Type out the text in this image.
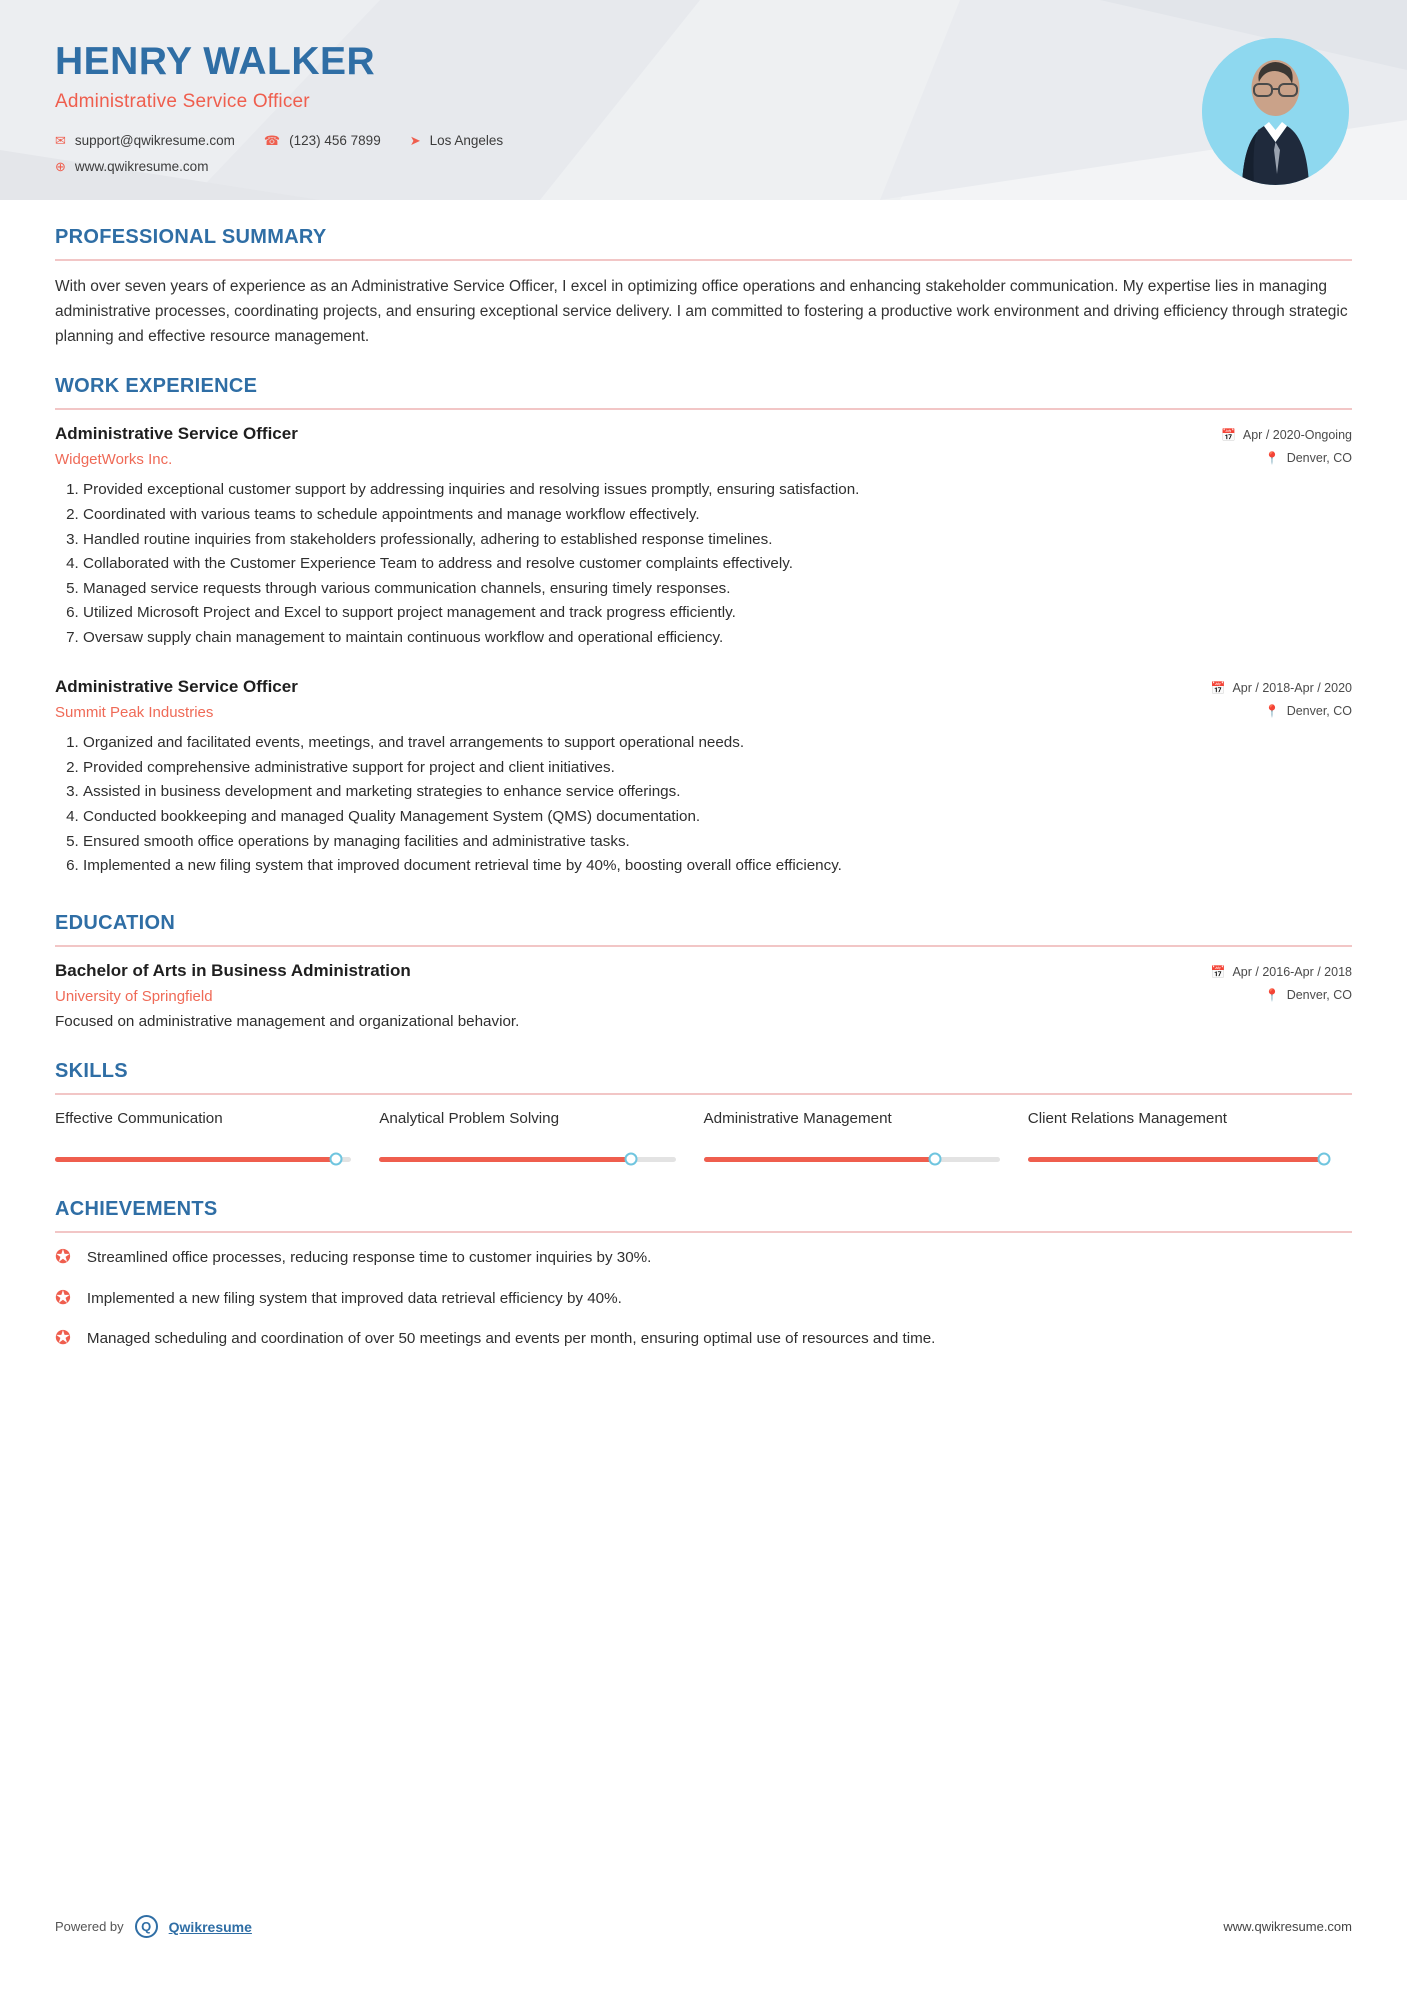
HENRY WALKER
Administrative Service Officer
✉ support@qwikresume.com ☎ (123) 456 7899 ➤ Los Angeles
⊕ www.qwikresume.com
PROFESSIONAL SUMMARY

With over seven years of experience as an Administrative Service Officer, I excel in optimizing office operations and enhancing stakeholder communication. My expertise lies in managing administrative processes, coordinating projects, and ensuring exceptional service delivery. I am committed to fostering a productive work environment and driving efficiency through strategic planning and effective resource management.

WORK EXPERIENCE
Administrative Service Officer
WidgetWorks Inc.
📅 Apr / 2020-Ongoing
📍 Denver, CO
1. Provided exceptional customer support by addressing inquiries and resolving issues promptly, ensuring satisfaction.
2. Coordinated with various teams to schedule appointments and manage workflow effectively.
3. Handled routine inquiries from stakeholders professionally, adhering to established response timelines.
4. Collaborated with the Customer Experience Team to address and resolve customer complaints effectively.
5. Managed service requests through various communication channels, ensuring timely responses.
6. Utilized Microsoft Project and Excel to support project management and track progress efficiently.
7. Oversaw supply chain management to maintain continuous workflow and operational efficiency.
Administrative Service Officer
Summit Peak Industries
📅 Apr / 2018-Apr / 2020
📍 Denver, CO
1. Organized and facilitated events, meetings, and travel arrangements to support operational needs.
2. Provided comprehensive administrative support for project and client initiatives.
3. Assisted in business development and marketing strategies to enhance service offerings.
4. Conducted bookkeeping and managed Quality Management System (QMS) documentation.
5. Ensured smooth office operations by managing facilities and administrative tasks.
6. Implemented a new filing system that improved document retrieval time by 40%, boosting overall office efficiency.
EDUCATION
Bachelor of Arts in Business Administration
University of Springfield
📅 Apr / 2016-Apr / 2018
📍 Denver, CO

Focused on administrative management and organizational behavior.

SKILLS
Effective Communication	Analytical Problem Solving	Administrative Management	Client Relations Management
ACHIEVEMENTS
✪ Streamlined office processes, reducing response time to customer inquiries by 30%.
✪ Implemented a new filing system that improved data retrieval efficiency by 40%.
✪ Managed scheduling and coordination of over 50 meetings and events per month, ensuring optimal use of resources and time.
Powered by	Q	Qwikresume	www.qwikresume.com
